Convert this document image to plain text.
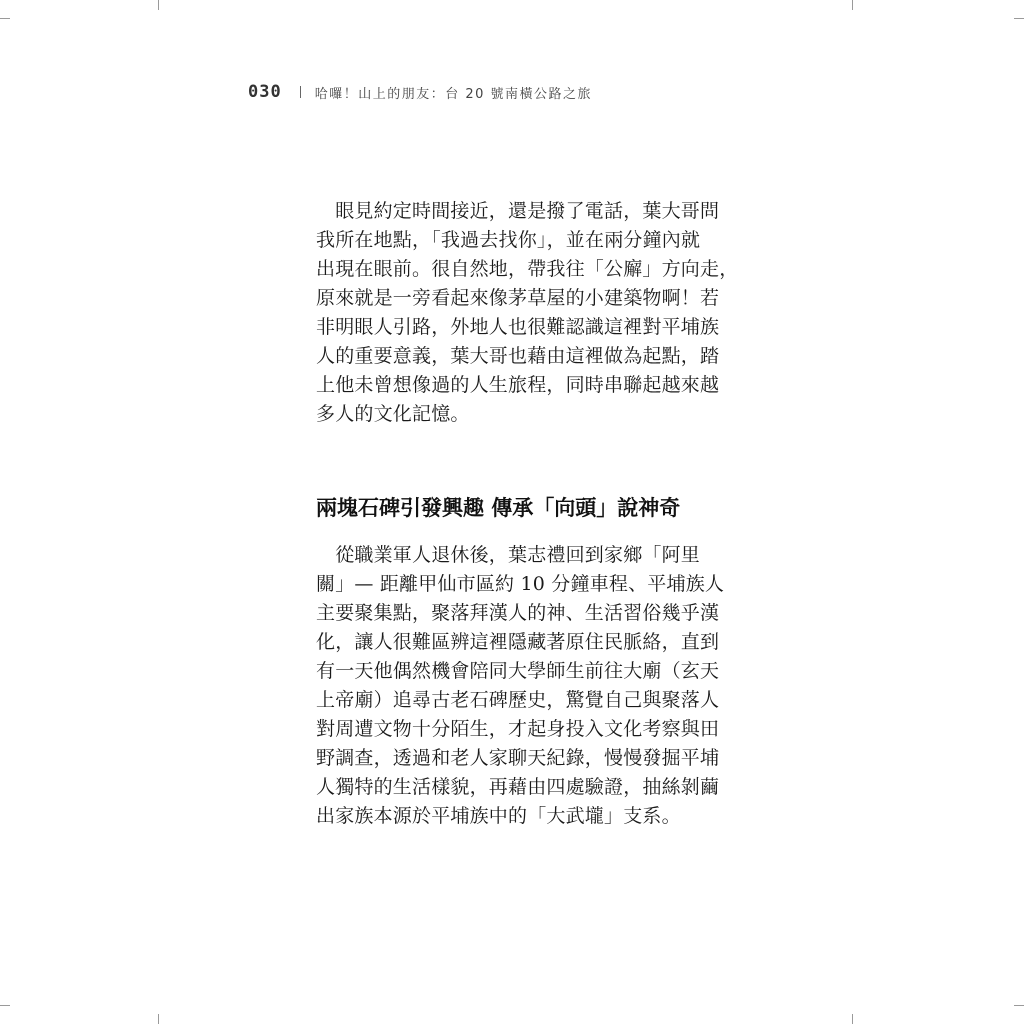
030	哈囉！山上的朋友：台 20 號南橫公路之旅

　眼見約定時間接近，還是撥了電話，葉大哥問
我所在地點，「我過去找你」，並在兩分鐘內就
出現在眼前。很自然地，帶我往「公廨」方向走，
原來就是一旁看起來像茅草屋的小建築物啊！若
非明眼人引路，外地人也很難認識這裡對平埔族
人的重要意義，葉大哥也藉由這裡做為起點，踏
上他未曾想像過的人生旅程，同時串聯起越來越
多人的文化記憶。

兩塊石碑引發興趣 傳承「向頭」說神奇

　從職業軍人退休後，葉志禮回到家鄉「阿里
關」— 距離甲仙市區約 10 分鐘車程、平埔族人
主要聚集點，聚落拜漢人的神、生活習俗幾乎漢
化，讓人很難區辨這裡隱藏著原住民脈絡，直到
有一天他偶然機會陪同大學師生前往大廟（玄天
上帝廟）追尋古老石碑歷史，驚覺自己與聚落人
對周遭文物十分陌生，才起身投入文化考察與田
野調查，透過和老人家聊天紀錄，慢慢發掘平埔
人獨特的生活樣貌，再藉由四處驗證，抽絲剝繭
出家族本源於平埔族中的「大武壠」支系。
